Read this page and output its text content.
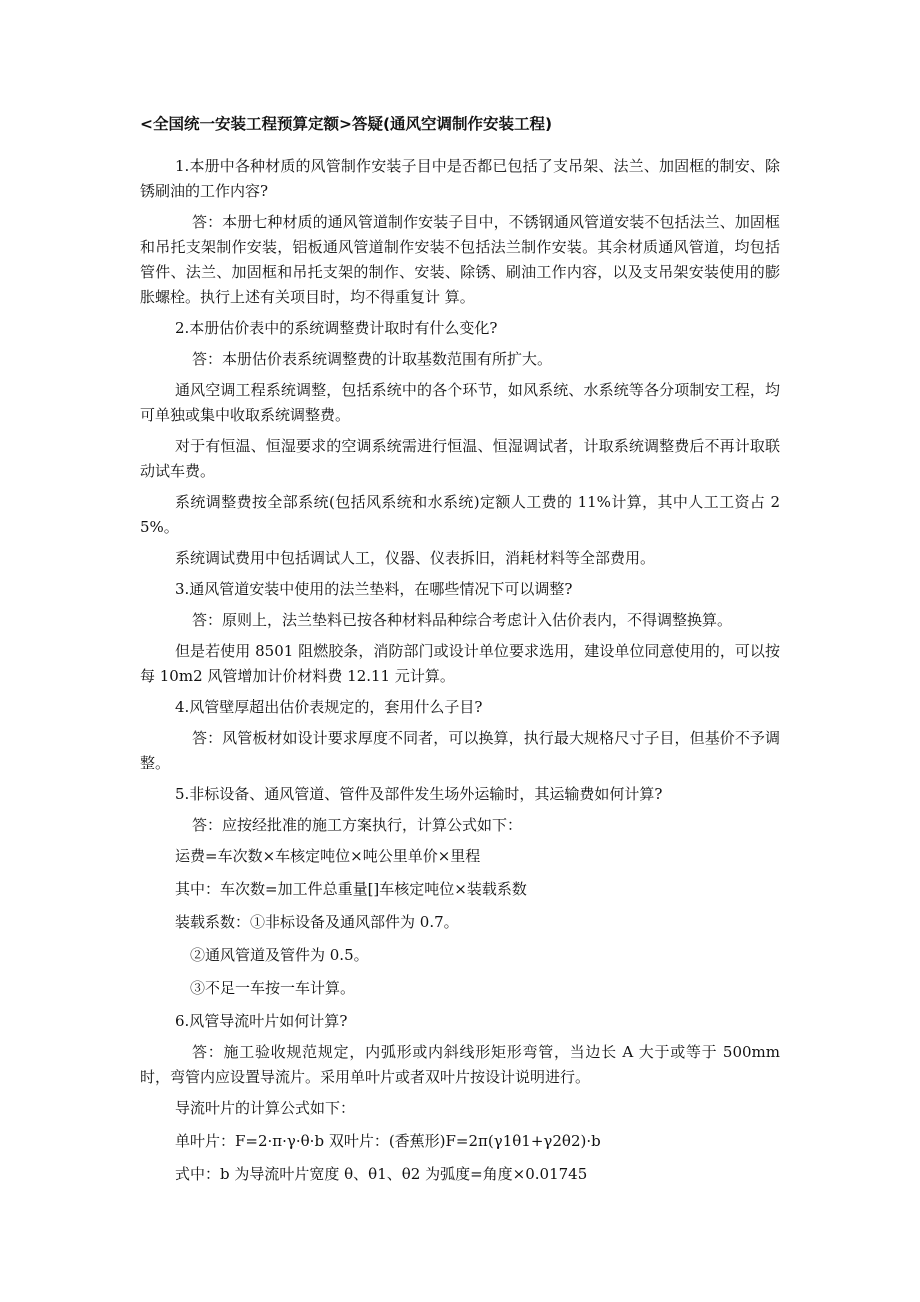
<全国统一安装工程预算定额>答疑(通风空调制作安装工程)

1.本册中各种材质的风管制作安装子目中是否都已包括了支吊架、法兰、加固框的制安、除锈刷油的工作内容?

答：本册七种材质的通风管道制作安装子目中，不锈钢通风管道安装不包括法兰、加固框和吊托支架制作安装，铝板通风管道制作安装不包括法兰制作安装。其余材质通风管道，均包括管件、法兰、加固框和吊托支架的制作、安装、除锈、刷油工作内容，以及支吊架安装使用的膨胀螺栓。执行上述有关项目时，均不得重复计 算。

2.本册估价表中的系统调整费计取时有什么变化?

答：本册估价表系统调整费的计取基数范围有所扩大。

通风空调工程系统调整，包括系统中的各个环节，如风系统、水系统等各分项制安工程，均可单独或集中收取系统调整费。

对于有恒温、恒湿要求的空调系统需进行恒温、恒湿调试者，计取系统调整费后不再计取联动试车费。

系统调整费按全部系统(包括风系统和水系统)定额人工费的 11%计算，其中人工工资占 25%。

系统调试费用中包括调试人工，仪器、仪表拆旧，消耗材料等全部费用。

3.通风管道安装中使用的法兰垫料，在哪些情况下可以调整?

答：原则上，法兰垫料已按各种材料品种综合考虑计入估价表内，不得调整换算。

但是若使用 8501 阻燃胶条，消防部门或设计单位要求选用，建设单位同意使用的，可以按每 10m2 风管增加计价材料费 12.11 元计算。

4.风管壁厚超出估价表规定的，套用什么子目?

答：风管板材如设计要求厚度不同者，可以换算，执行最大规格尺寸子目，但基价不予调整。

5.非标设备、通风管道、管件及部件发生场外运输时，其运输费如何计算?

答：应按经批准的施工方案执行，计算公式如下：

运费=车次数×车核定吨位×吨公里单价×里程

其中：车次数=加工件总重量[]车核定吨位×装载系数

装载系数：①非标设备及通风部件为 0.7。

②通风管道及管件为 0.5。

③不足一车按一车计算。

6.风管导流叶片如何计算?

答：施工验收规范规定，内弧形或内斜线形矩形弯管，当边长 A 大于或等于 500mm 时，弯管内应设置导流片。采用单叶片或者双叶片按设计说明进行。

导流叶片的计算公式如下：

单叶片：F=2·π·γ·θ·b 双叶片：(香蕉形)F=2π(γ1θ1+γ2θ2)·b

式中：b 为导流叶片宽度 θ、θ1、θ2 为弧度=角度×0.01745
